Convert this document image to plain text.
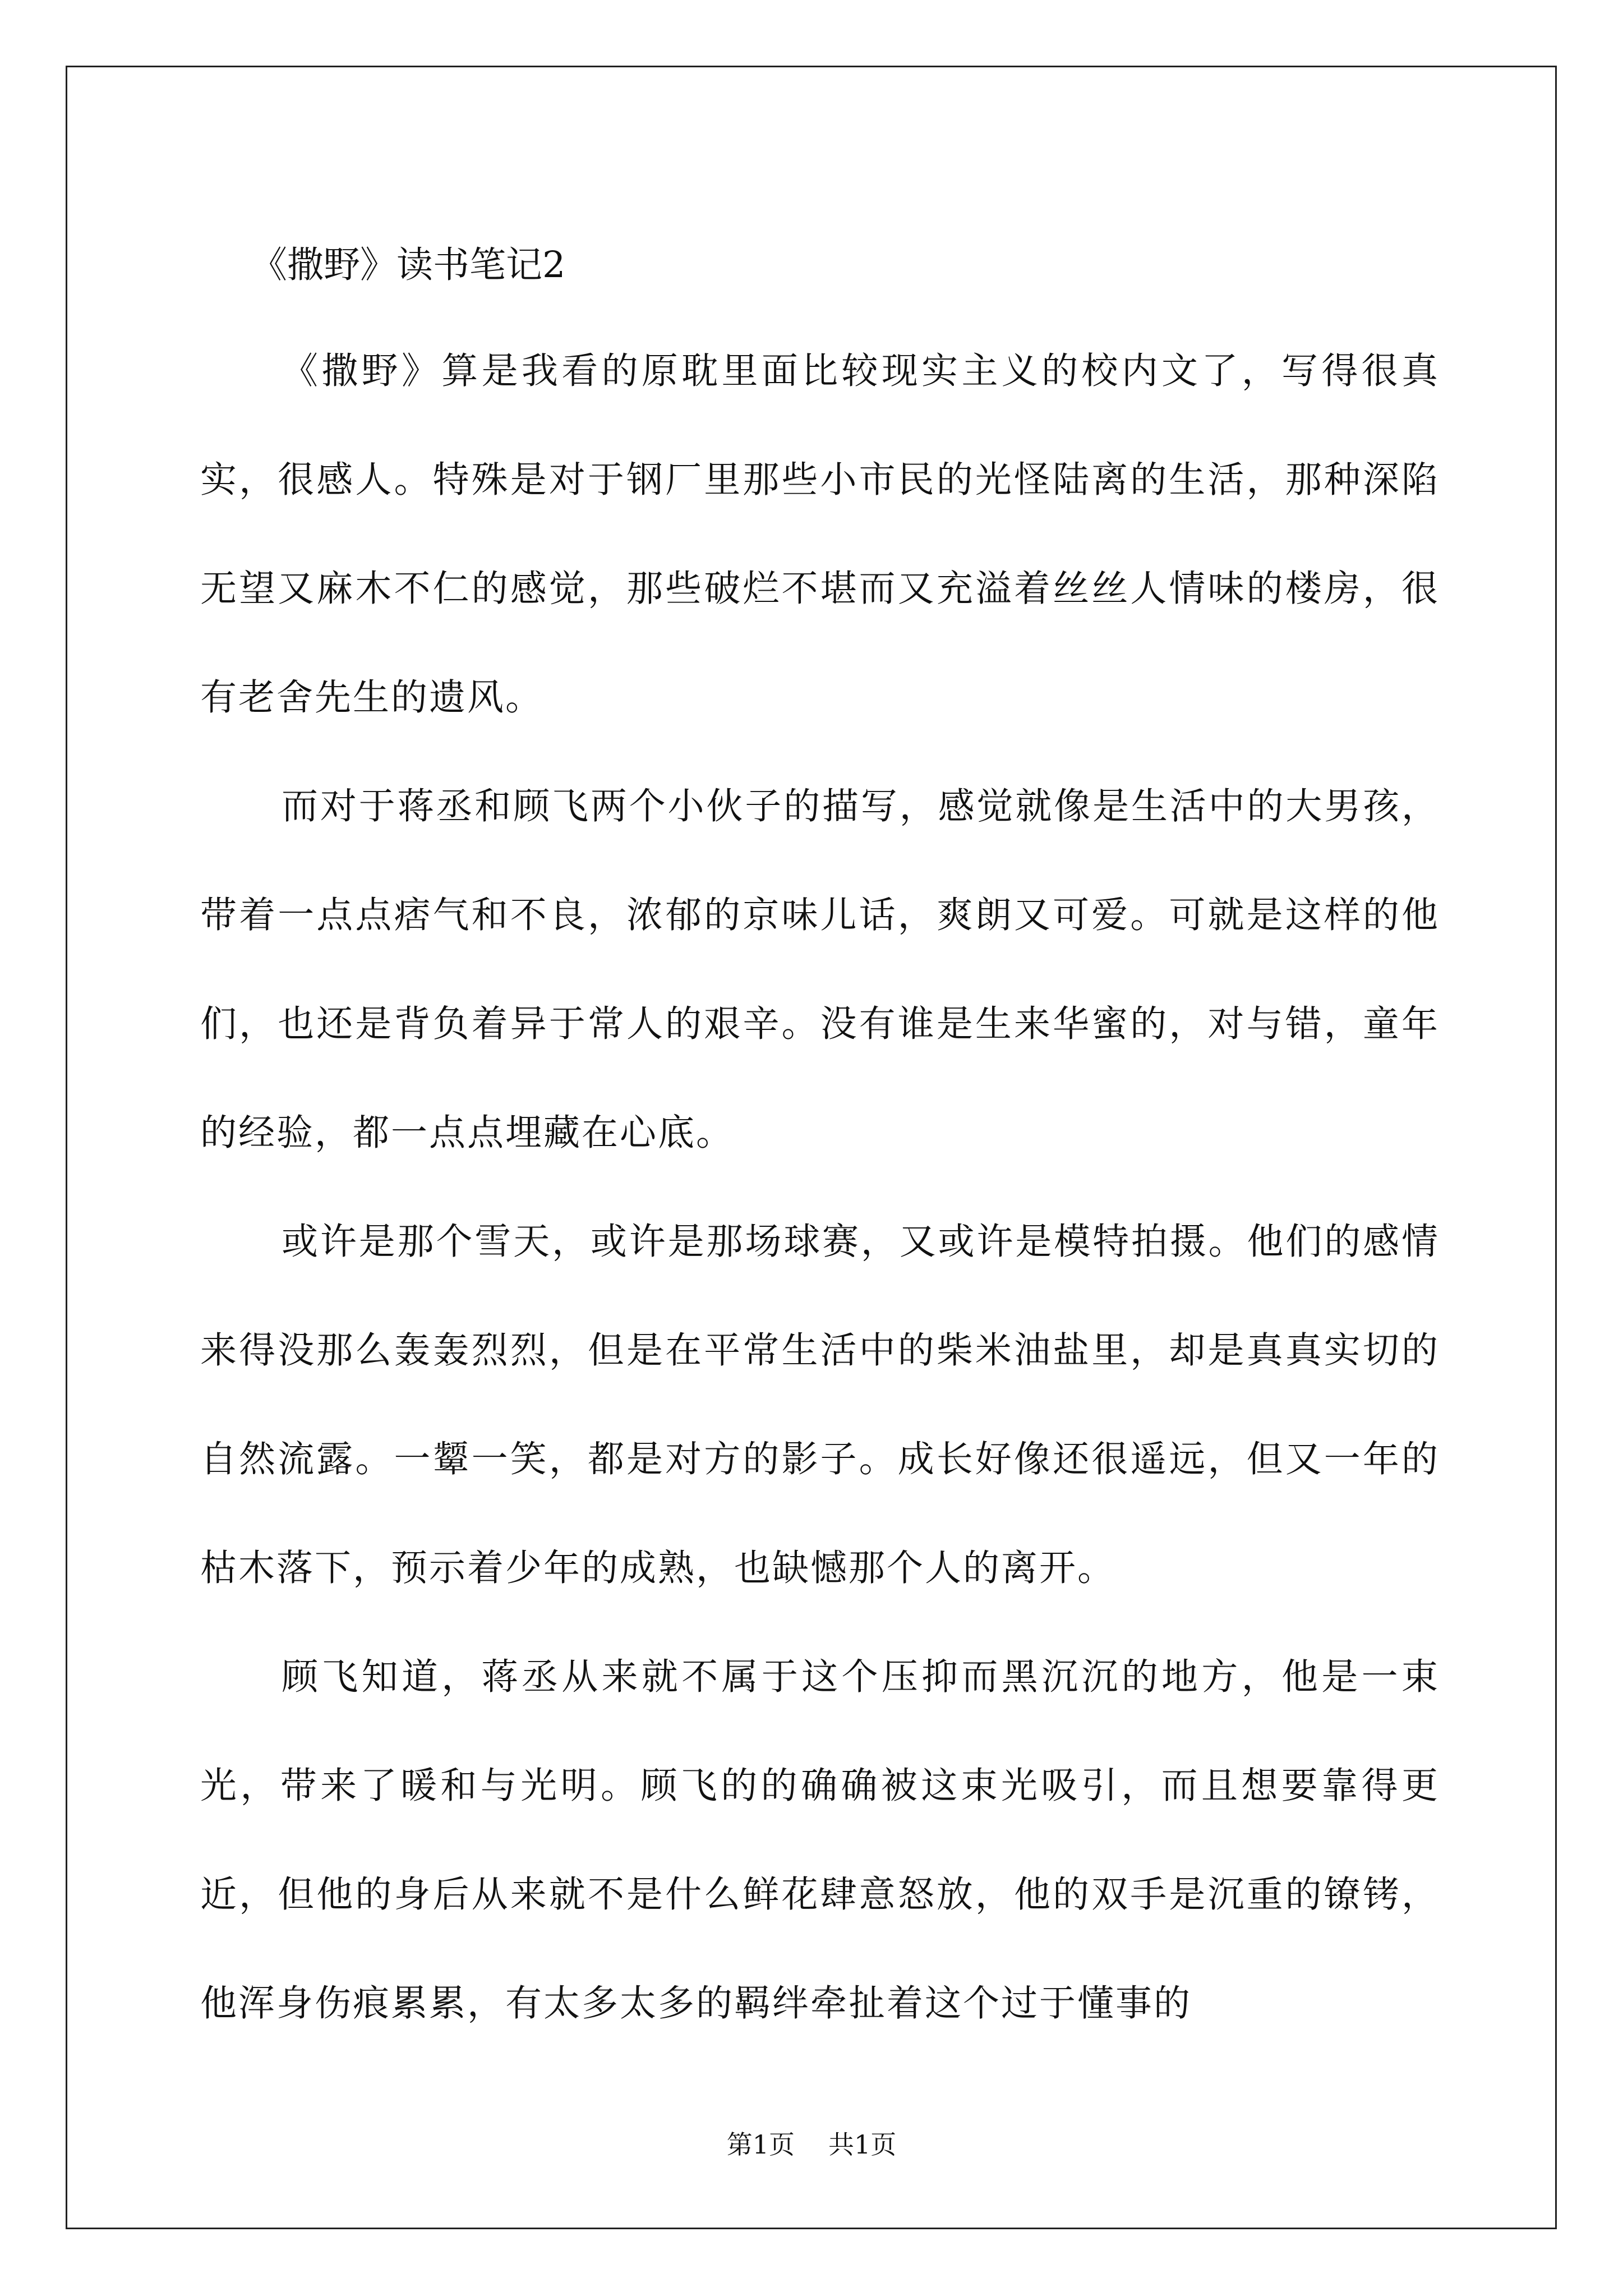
《撒野》读书笔记2

《撒野》算是我看的原耽里面比较现实主义的校内文了，写得很真实，很感人。特殊是对于钢厂里那些小市民的光怪陆离的生活，那种深陷无望又麻木不仁的感觉，那些破烂不堪而又充溢着丝丝人情味的楼房，很有老舍先生的遗风。

而对于蒋丞和顾飞两个小伙子的描写，感觉就像是生活中的大男孩，带着一点点痞气和不良，浓郁的京味儿话，爽朗又可爱。可就是这样的他们，也还是背负着异于常人的艰辛。没有谁是生来华蜜的，对与错，童年的经验，都一点点埋藏在心底。

或许是那个雪天，或许是那场球赛，又或许是模特拍摄。他们的感情来得没那么轰轰烈烈，但是在平常生活中的柴米油盐里，却是真真实切的自然流露。一颦一笑，都是对方的影子。成长好像还很遥远，但又一年的枯木落下，预示着少年的成熟，也缺憾那个人的离开。

顾飞知道，蒋丞从来就不属于这个压抑而黑沉沉的地方，他是一束光，带来了暖和与光明。顾飞的的确确被这束光吸引，而且想要靠得更近，但他的身后从来就不是什么鲜花肆意怒放，他的双手是沉重的镣铐，他浑身伤痕累累，有太多太多的羁绊牵扯着这个过于懂事的

第1页 共1页
